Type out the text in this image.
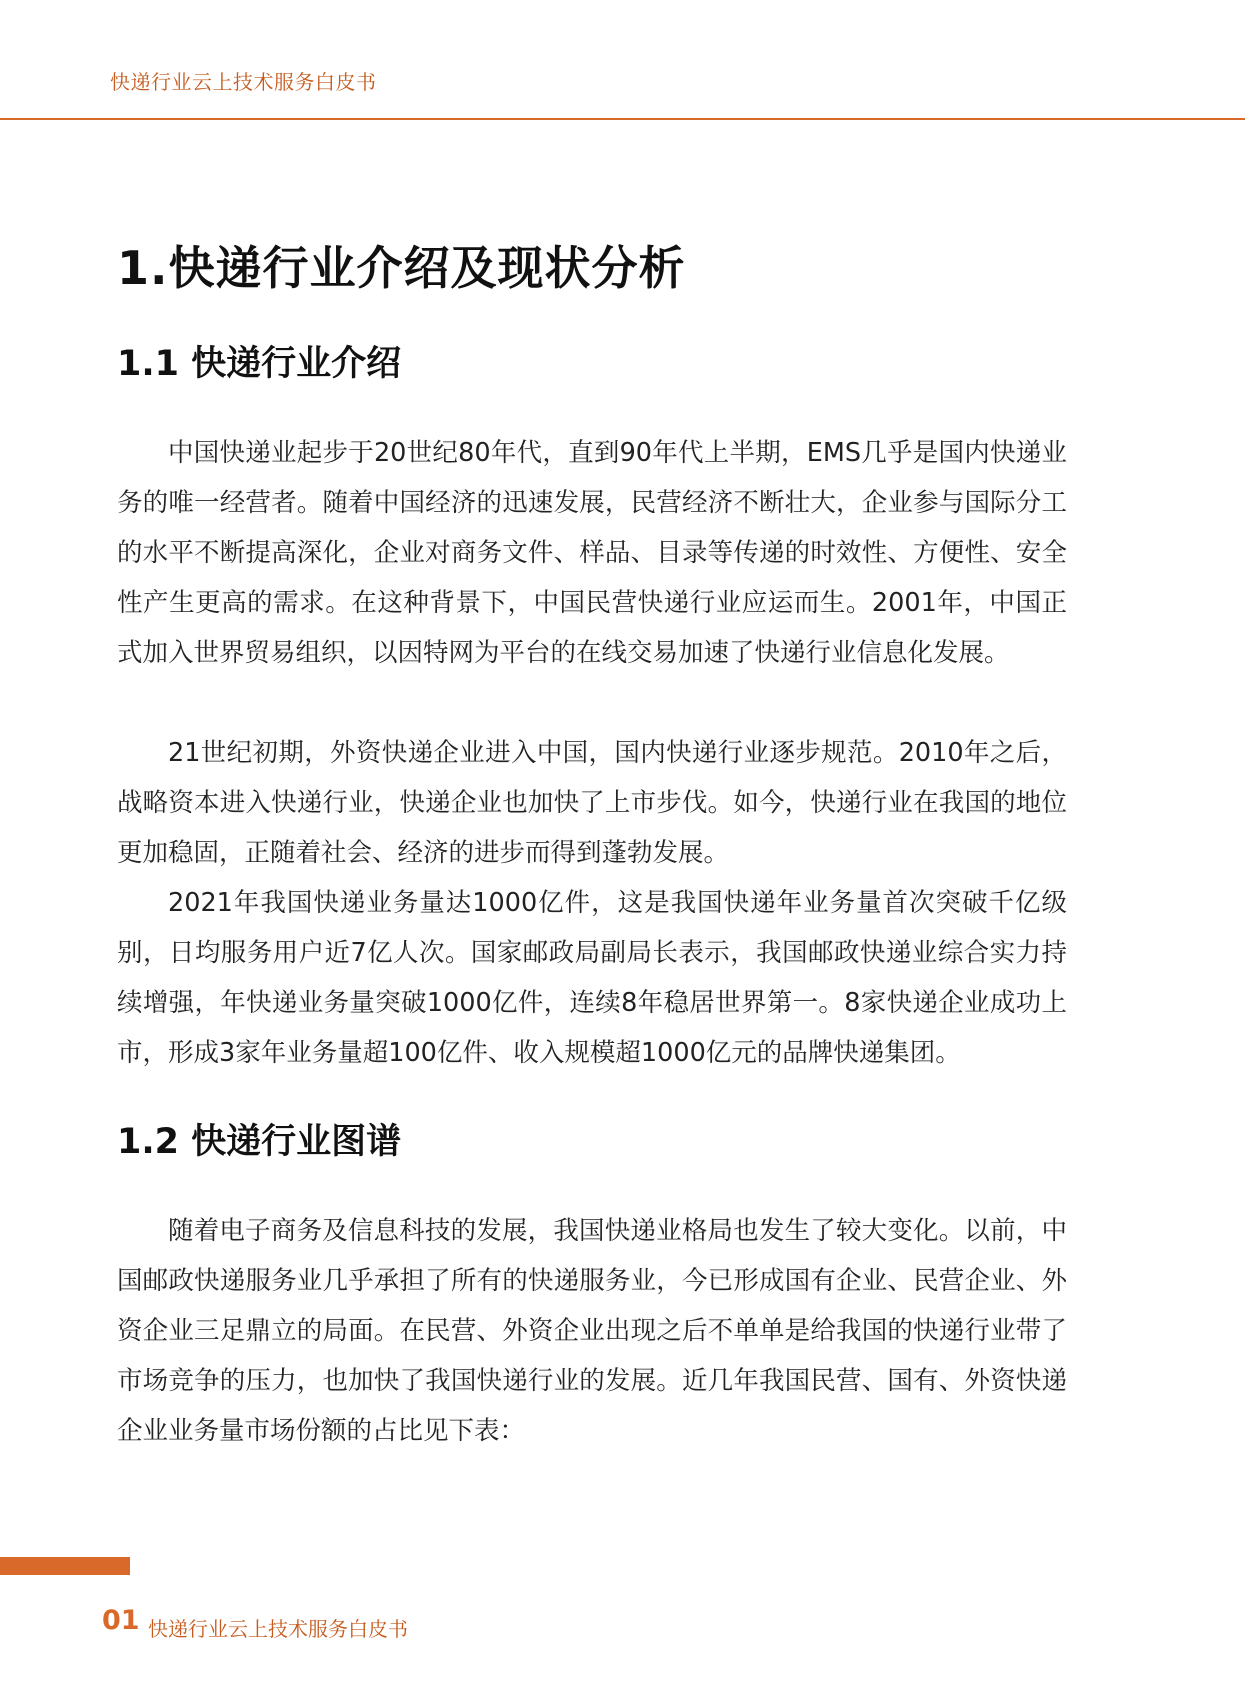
快递行业云上技术服务白皮书
1.快递行业介绍及现状分析
1.1 快递行业介绍

中国快递业起步于20世纪80年代，直到90年代上半期，EMS几乎是国内快递业务的唯一经营者。随着中国经济的迅速发展，民营经济不断壮大，企业参与国际分工的水平不断提高深化，企业对商务文件、样品、目录等传递的时效性、方便性、安全性产生更高的需求。在这种背景下，中国民营快递行业应运而生。2001年，中国正式加入世界贸易组织，以因特网为平台的在线交易加速了快递行业信息化发展。

21世纪初期，外资快递企业进入中国，国内快递行业逐步规范。2010年之后，战略资本进入快递行业，快递企业也加快了上市步伐。如今，快递行业在我国的地位更加稳固，正随着社会、经济的进步而得到蓬勃发展。

2021年我国快递业务量达1000亿件，这是我国快递年业务量首次突破千亿级别，日均服务用户近7亿人次。国家邮政局副局长表示，我国邮政快递业综合实力持续增强，年快递业务量突破1000亿件，连续8年稳居世界第一。8家快递企业成功上市，形成3家年业务量超100亿件、收入规模超1000亿元的品牌快递集团。

1.2 快递行业图谱

随着电子商务及信息科技的发展，我国快递业格局也发生了较大变化。以前，中国邮政快递服务业几乎承担了所有的快递服务业，今已形成国有企业、民营企业、外资企业三足鼎立的局面。在民营、外资企业出现之后不单单是给我国的快递行业带了市场竞争的压力，也加快了我国快递行业的发展。近几年我国民营、国有、外资快递企业业务量市场份额的占比见下表：

01 快递行业云上技术服务白皮书
